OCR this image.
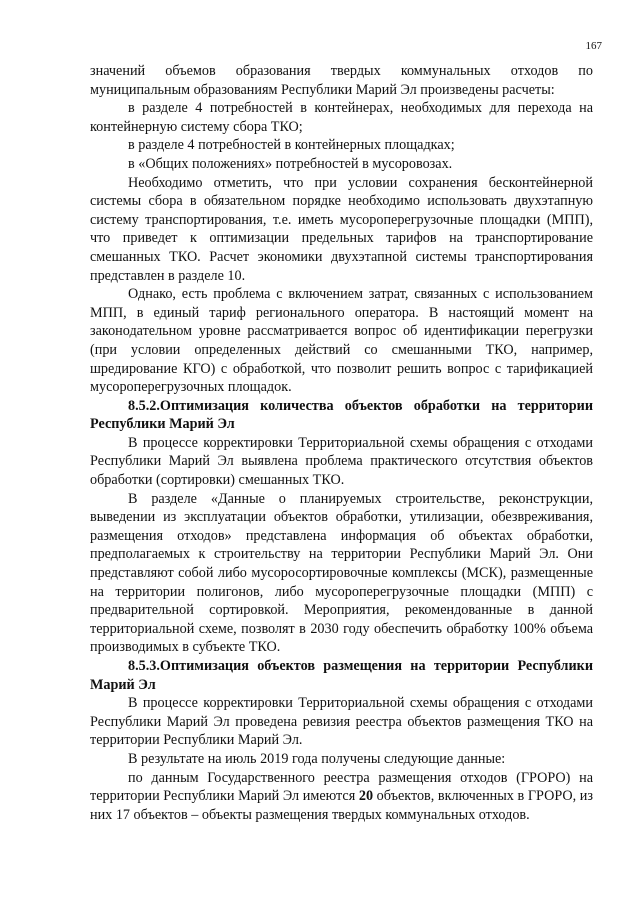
167

значений объемов образования твердых коммунальных отходов по муниципальным образованиям Республики Марий Эл произведены расчеты:

в разделе 4 потребностей в контейнерах, необходимых для перехода на контейнерную систему сбора ТКО;

в разделе 4 потребностей в контейнерных площадках;

в «Общих положениях» потребностей в мусоровозах.

Необходимо отметить, что при условии сохранения бесконтейнерной системы сбора в обязательном порядке необходимо использовать двухэтапную систему транспортирования, т.е. иметь мусороперегрузочные площадки (МПП), что приведет к оптимизации предельных тарифов на транспортирование смешанных ТКО. Расчет экономики двухэтапной системы транспортирования представлен в разделе 10.

Однако, есть проблема с включением затрат, связанных с использованием МПП, в единый тариф регионального оператора. В настоящий момент на законодательном уровне рассматривается вопрос об идентификации перегрузки (при условии определенных действий со смешанными ТКО, например, шредирование КГО) с обработкой, что позволит решить вопрос с тарификацией мусороперегрузочных площадок.

8.5.2.Оптимизация количества объектов обработки на территории Республики Марий Эл

В процессе корректировки Территориальной схемы обращения с отходами Республики Марий Эл выявлена проблема практического отсутствия объектов обработки (сортировки) смешанных ТКО.

В разделе «Данные о планируемых строительстве, реконструкции, выведении из эксплуатации объектов обработки, утилизации, обезвреживания, размещения отходов» представлена информация об объектах обработки, предполагаемых к строительству на территории Республики Марий Эл. Они представляют собой либо мусоросортировочные комплексы (МСК), размещенные на территории полигонов, либо мусороперегрузочные площадки (МПП) с предварительной сортировкой. Мероприятия, рекомендованные в данной территориальной схеме, позволят в 2030 году обеспечить обработку 100% объема производимых в субъекте ТКО.

8.5.3.Оптимизация объектов размещения на территории Республики Марий Эл

В процессе корректировки Территориальной схемы обращения с отходами Республики Марий Эл проведена ревизия реестра объектов размещения ТКО на территории Республики Марий Эл.

В результате на июль 2019 года получены следующие данные:

по данным Государственного реестра размещения отходов (ГРОРО) на территории Республики Марий Эл имеются 20 объектов, включенных в ГРОРО, из них 17 объектов – объекты размещения твердых коммунальных отходов.
